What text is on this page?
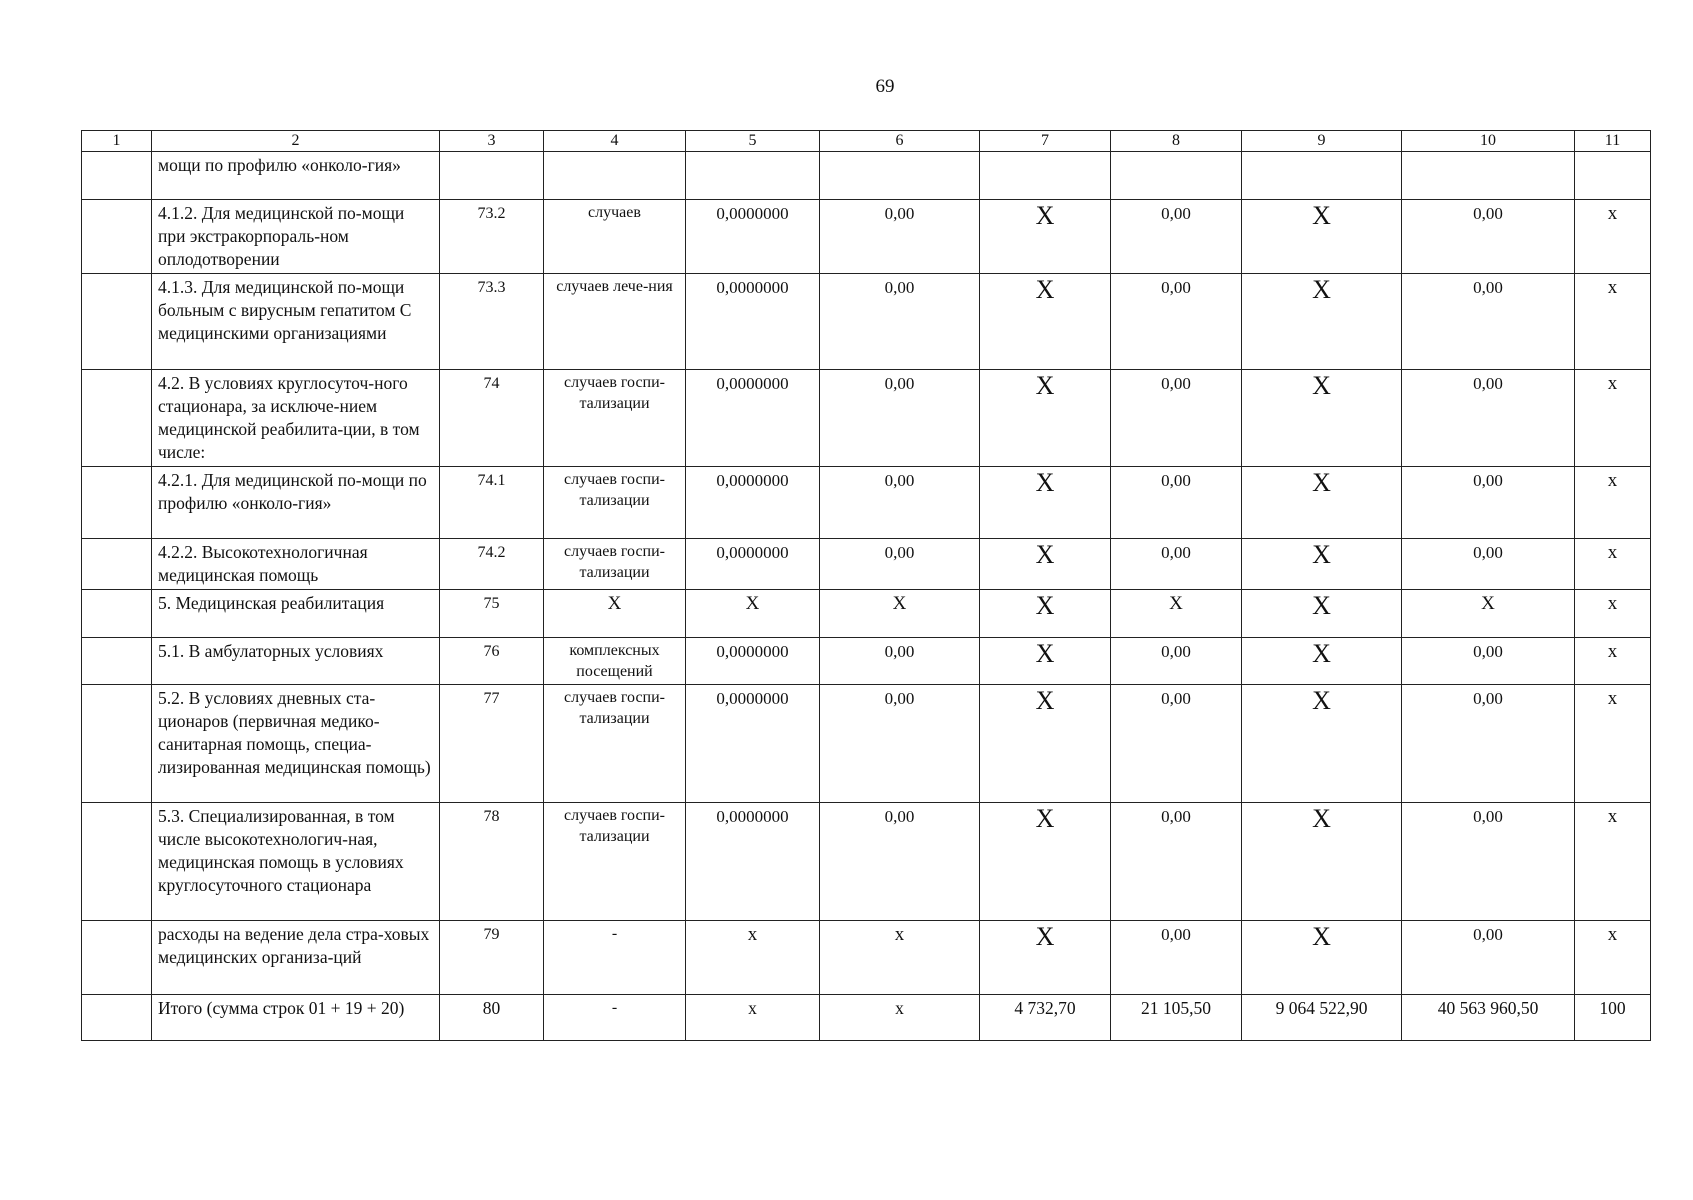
69
1	2	3	4	5	6	7	8	9	10	11
	мощи по профилю «онколо-гия»									
	4.1.2. Для медицинской по-мощи при экстракорпораль-ном оплодотворении	73.2	случаев	0,0000000	0,00	X	0,00	X	0,00	x
	4.1.3. Для медицинской по-мощи больным с вирусным гепатитом С медицинскими организациями	73.3	случаев лече-ния	0,0000000	0,00	X	0,00	X	0,00	x
	4.2. В условиях круглосуточ-ного стационара, за исключе-нием медицинской реабилита-ции, в том числе:	74	случаев госпи-тализации	0,0000000	0,00	X	0,00	X	0,00	x
	4.2.1. Для медицинской по-мощи по профилю «онколо-гия»	74.1	случаев госпи-тализации	0,0000000	0,00	X	0,00	X	0,00	x
	4.2.2. Высокотехнологичная медицинская помощь	74.2	случаев госпи-тализации	0,0000000	0,00	X	0,00	X	0,00	x
	5. Медицинская реабилитация	75	X	X	X	X	X	X	X	x
	5.1. В амбулаторных условиях	76	комплексных посещений	0,0000000	0,00	X	0,00	X	0,00	x
	5.2. В условиях дневных ста-ционаров (первичная медико-санитарная помощь, специа-лизированная медицинская помощь)	77	случаев госпи-тализации	0,0000000	0,00	X	0,00	X	0,00	x
	5.3. Специализированная, в том числе высокотехнологич-ная, медицинская помощь в условиях круглосуточного стационара	78	случаев госпи-тализации	0,0000000	0,00	X	0,00	X	0,00	x
	расходы на ведение дела стра-ховых медицинских организа-ций	79	-	x	x	X	0,00	X	0,00	x
	Итого (сумма строк 01 + 19 + 20)	80	-	x	x	4 732,70	21 105,50	9 064 522,90	40 563 960,50	100
